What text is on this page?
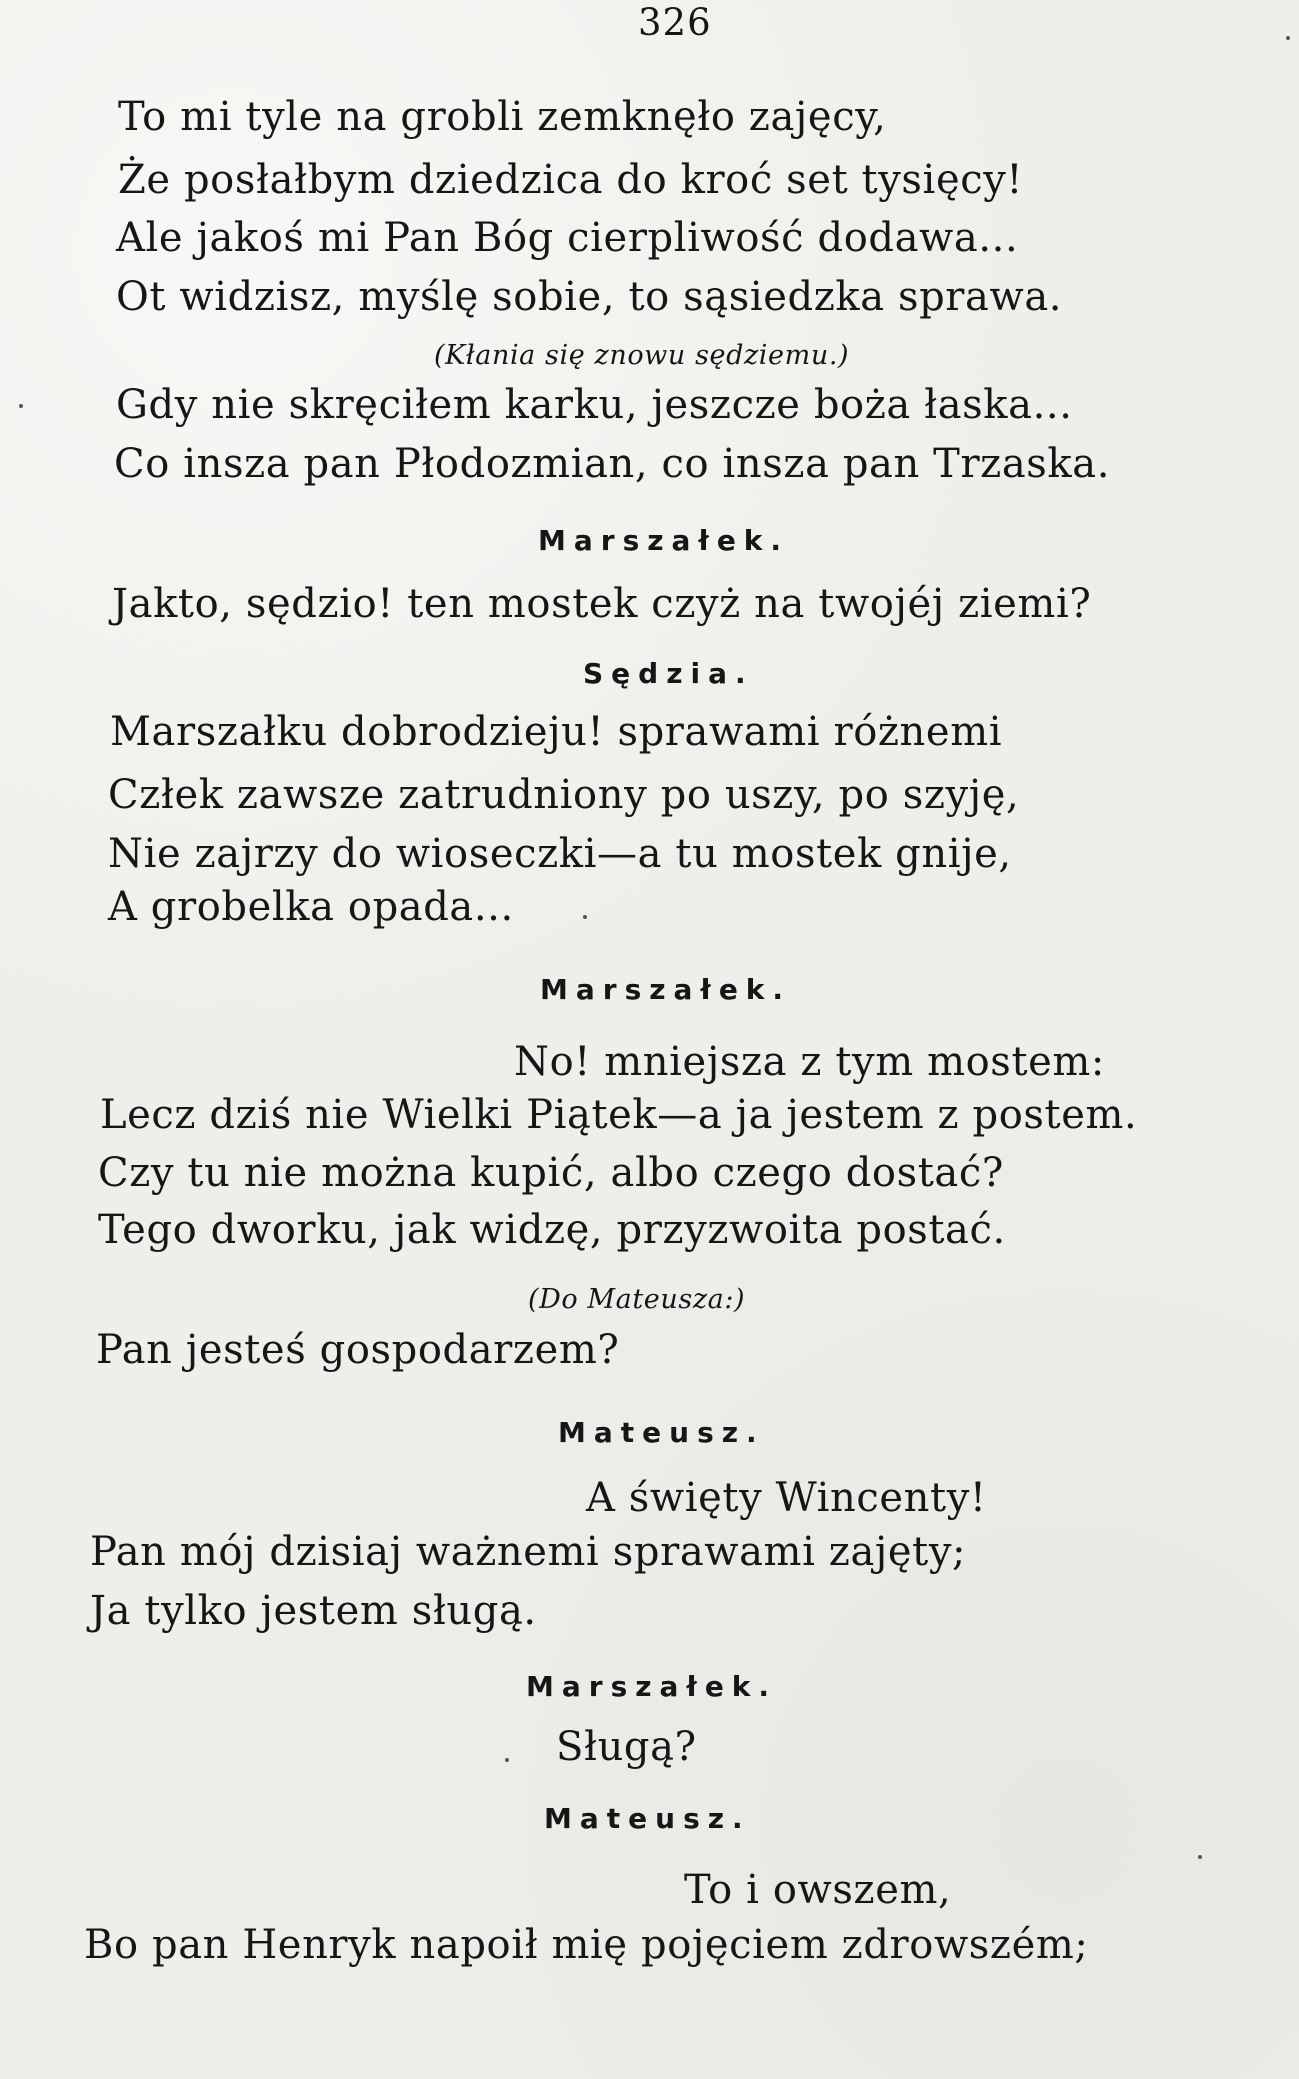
326
To mi tyle na grobli zemknęło zajęcy,
Że posłałbym dziedzica do kroć set tysięcy!
Ale jakoś mi Pan Bóg cierpliwość dodawa...
Ot widzisz, myślę sobie, to sąsiedzka sprawa.
(Kłania się znowu sędziemu.)
Gdy nie skręciłem karku, jeszcze boża łaska...
Co insza pan Płodozmian, co insza pan Trzaska.
Marszałek.
Jakto, sędzio! ten mostek czyż na twojéj ziemi?
Sędzia.
Marszałku dobrodzieju! sprawami różnemi
Człek zawsze zatrudniony po uszy, po szyję,
Nie zajrzy do wioseczki—a tu mostek gnije,
A grobelka opada...
Marszałek.
No! mniejsza z tym mostem:
Lecz dziś nie Wielki Piątek—a ja jestem z postem.
Czy tu nie można kupić, albo czego dostać?
Tego dworku, jak widzę, przyzwoita postać.
(Do Mateusza:)
Pan jesteś gospodarzem?
Mateusz.
A święty Wincenty!
Pan mój dzisiaj ważnemi sprawami zajęty;
Ja tylko jestem sługą.
Marszałek.
Sługą?
Mateusz.
To i owszem,
Bo pan Henryk napoił mię pojęciem zdrowszém;
